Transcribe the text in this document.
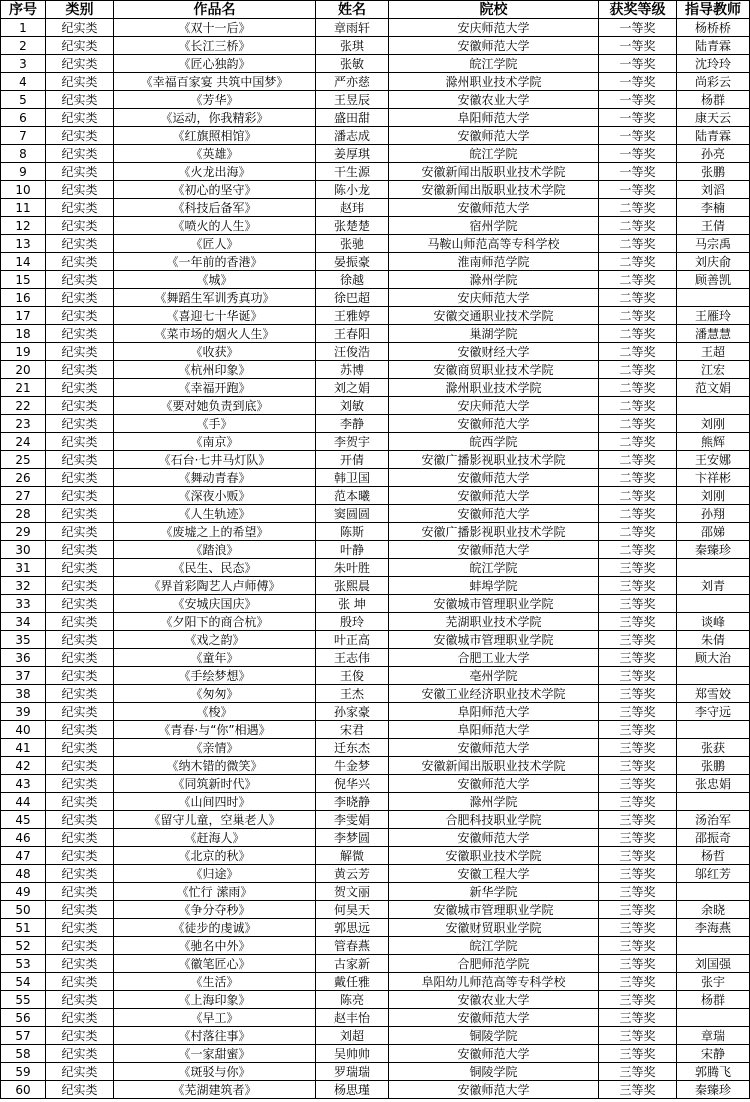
序号	类别	作品名	姓名	院校	获奖等级	指导教师
1	纪实类	《双十一后》	章雨轩	安庆师范大学	一等奖	杨桥桥
2	纪实类	《长江三桥》	张琪	安徽师范大学	一等奖	陆青霖
3	纪实类	《匠心独韵》	张敏	皖江学院	一等奖	沈玲玲
4	纪实类	《幸福百家宴 共筑中国梦》	严亦慈	滁州职业技术学院	一等奖	尚彩云
5	纪实类	《芳华》	王昱辰	安徽农业大学	一等奖	杨群
6	纪实类	《运动，你我精彩》	盛田甜	阜阳师范大学	一等奖	康天云
7	纪实类	《红旗照相馆》	潘志成	安徽师范大学	一等奖	陆青霖
8	纪实类	《英雄》	姜厚琪	皖江学院	一等奖	孙亮
9	纪实类	《火龙出海》	干生源	安徽新闻出版职业技术学院	一等奖	张鹏
10	纪实类	《初心的坚守》	陈小龙	安徽新闻出版职业技术学院	一等奖	刘滔
11	纪实类	《科技后备军》	赵玮	安徽师范大学	二等奖	李楠
12	纪实类	《喷火的人生》	张楚楚	宿州学院	二等奖	王倩
13	纪实类	《匠人》	张驰	马鞍山师范高等专科学校	二等奖	马宗禹
14	纪实类	《一年前的香港》	晏振豪	淮南师范学院	二等奖	刘庆俞
15	纪实类	《城》	徐越	滁州学院	二等奖	顾善凯
16	纪实类	《舞蹈生军训秀真功》	徐巴超	安庆师范大学	二等奖	
17	纪实类	《喜迎七十华诞》	王雅婷	安徽交通职业技术学院	二等奖	王雁玲
18	纪实类	《菜市场的烟火人生》	王春阳	巢湖学院	二等奖	潘慧慧
19	纪实类	《收获》	汪俊浩	安徽财经大学	二等奖	王超
20	纪实类	《杭州印象》	苏博	安徽商贸职业技术学院	二等奖	江宏
21	纪实类	《幸福开跑》	刘之娟	滁州职业技术学院	二等奖	范文娟
22	纪实类	《要对她负责到底》	刘敏	安庆师范大学	二等奖	
23	纪实类	《手》	李静	安徽师范大学	二等奖	刘刚
24	纪实类	《南京》	李贺宇	皖西学院	二等奖	熊辉
25	纪实类	《石台·七井马灯队》	开倩	安徽广播影视职业技术学院	二等奖	王安娜
26	纪实类	《舞动青春》	韩卫国	安徽师范大学	二等奖	卞祥彬
27	纪实类	《深夜小贩》	范本曦	安徽师范大学	二等奖	刘刚
28	纪实类	《人生轨迹》	窦圆圆	安徽师范大学	二等奖	孙翔
29	纪实类	《废墟之上的希望》	陈斯	安徽广播影视职业技术学院	二等奖	邵娣
30	纪实类	《踏浪》	叶静	安徽师范大学	二等奖	秦臻珍
31	纪实类	《民生、民态》	朱叶胜	皖江学院	三等奖	
32	纪实类	《界首彩陶艺人卢师傅》	张熙晨	蚌埠学院	三等奖	刘青
33	纪实类	《安城庆国庆》	张 坤	安徽城市管理职业学院	三等奖	
34	纪实类	《夕阳下的商合杭》	殷玲	芜湖职业技术学院	三等奖	谈峰
35	纪实类	《戏之韵》	叶正高	安徽城市管理职业学院	三等奖	朱倩
36	纪实类	《童年》	王志伟	合肥工业大学	三等奖	顾大治
37	纪实类	《手绘梦想》	王俊	亳州学院	三等奖	
38	纪实类	《匆匆》	王杰	安徽工业经济职业技术学院	三等奖	郑雪姣
39	纪实类	《梭》	孙家豪	阜阳师范大学	三等奖	李守远
40	纪实类	《青春·与“你”相遇》	宋君	阜阳师范大学	三等奖	
41	纪实类	《亲情》	迁东杰	安徽师范大学	三等奖	张获
42	纪实类	《纳木错的微笑》	牛金梦	安徽新闻出版职业技术学院	三等奖	张鹏
43	纪实类	《同筑新时代》	倪华兴	安徽师范大学	三等奖	张忠娟
44	纪实类	《山间四时》	李晓静	滁州学院	三等奖	
45	纪实类	《留守儿童，空巢老人》	李雯娟	合肥科技职业学院	三等奖	汤治军
46	纪实类	《赶海人》	李梦圆	安徽师范大学	三等奖	邵振奇
47	纪实类	《北京的秋》	解微	安徽职业技术学院	三等奖	杨哲
48	纪实类	《归途》	黄云芳	安徽工程大学	三等奖	邬红芳
49	纪实类	《忙行 潆雨》	贺文丽	新华学院	三等奖	
50	纪实类	《争分夺秒》	何昊天	安徽城市管理职业学院	三等奖	余晓
51	纪实类	《徒步的虔诚》	郭思远	安徽财贸职业学院	三等奖	李海燕
52	纪实类	《驰名中外》	管春燕	皖江学院	三等奖	
53	纪实类	《徽笔匠心》	古家新	合肥师范学院	三等奖	刘国强
54	纪实类	《生活》	戴任雅	阜阳幼儿师范高等专科学校	三等奖	张宇
55	纪实类	《上海印象》	陈亮	安徽农业大学	三等奖	杨群
56	纪实类	《早工》	赵丰怡	安徽师范大学	三等奖	
57	纪实类	《村落往事》	刘超	铜陵学院	三等奖	章瑞
58	纪实类	《一家甜蜜》	吴帅帅	安徽师范大学	三等奖	宋静
59	纪实类	《斑驳与你》	罗瑞瑞	铜陵学院	三等奖	郭腾飞
60	纪实类	《芜湖建筑者》	杨思瑾	安徽师范大学	三等奖	秦臻珍
